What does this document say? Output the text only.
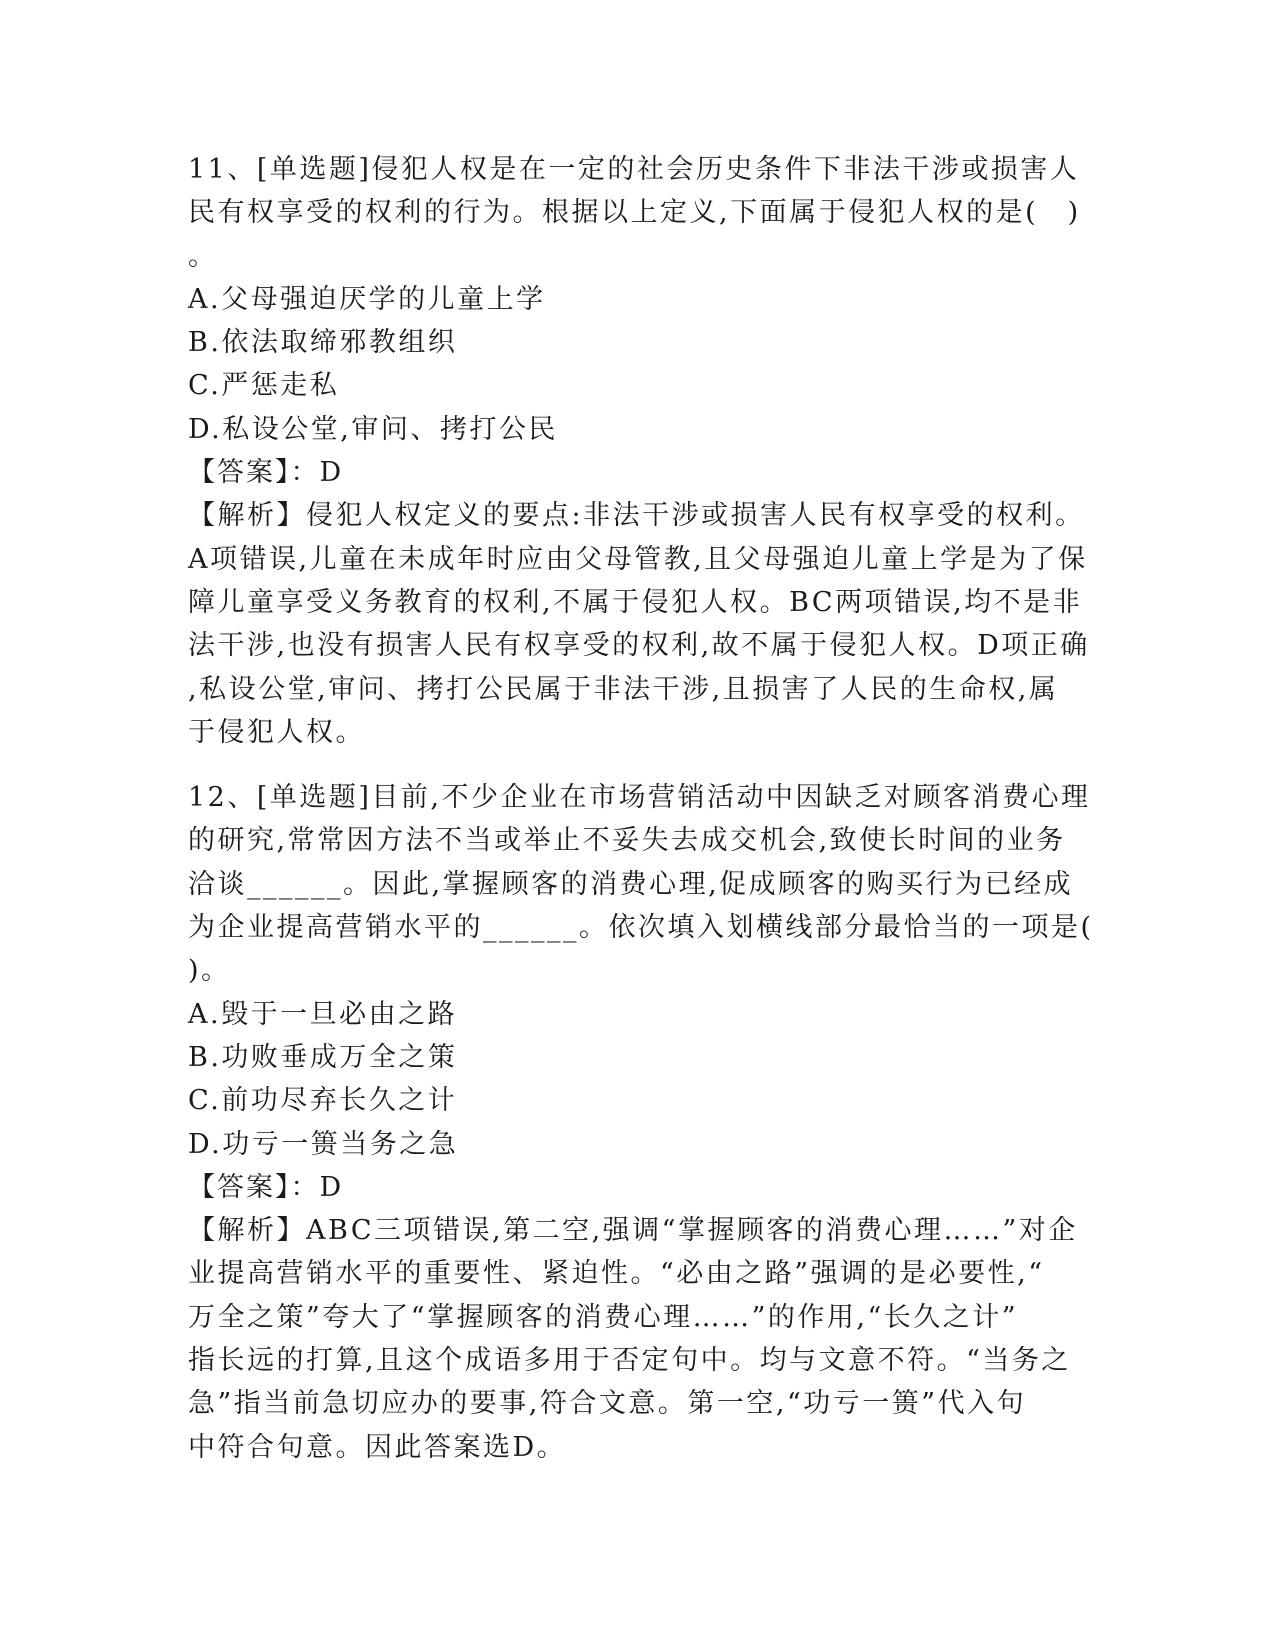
11、[单选题]侵犯人权是在一定的社会历史条件下非法干涉或损害人
民有权享受的权利的行为。根据以上定义,下面属于侵犯人权的是(　)
。
A.父母强迫厌学的儿童上学
B.依法取缔邪教组织
C.严惩走私
D.私设公堂,审问、拷打公民
【答案】：D
【解析】侵犯人权定义的要点:非法干涉或损害人民有权享受的权利。
A项错误,儿童在未成年时应由父母管教,且父母强迫儿童上学是为了保
障儿童享受义务教育的权利,不属于侵犯人权。BC两项错误,均不是非
法干涉,也没有损害人民有权享受的权利,故不属于侵犯人权。D项正确
,私设公堂,审问、拷打公民属于非法干涉,且损害了人民的生命权,属
于侵犯人权。
12、[单选题]目前,不少企业在市场营销活动中因缺乏对顾客消费心理
的研究,常常因方法不当或举止不妥失去成交机会,致使长时间的业务
洽谈______。因此,掌握顾客的消费心理,促成顾客的购买行为已经成
为企业提高营销水平的______。依次填入划横线部分最恰当的一项是(
)。
A.毁于一旦必由之路
B.功败垂成万全之策
C.前功尽弃长久之计
D.功亏一篑当务之急
【答案】：D
【解析】ABC三项错误,第二空,强调“掌握顾客的消费心理……”对企
业提高营销水平的重要性、紧迫性。“必由之路”强调的是必要性,“
万全之策”夸大了“掌握顾客的消费心理……”的作用,“长久之计”
指长远的打算,且这个成语多用于否定句中。均与文意不符。“当务之
急”指当前急切应办的要事,符合文意。第一空,“功亏一篑”代入句
中符合句意。因此答案选D。
